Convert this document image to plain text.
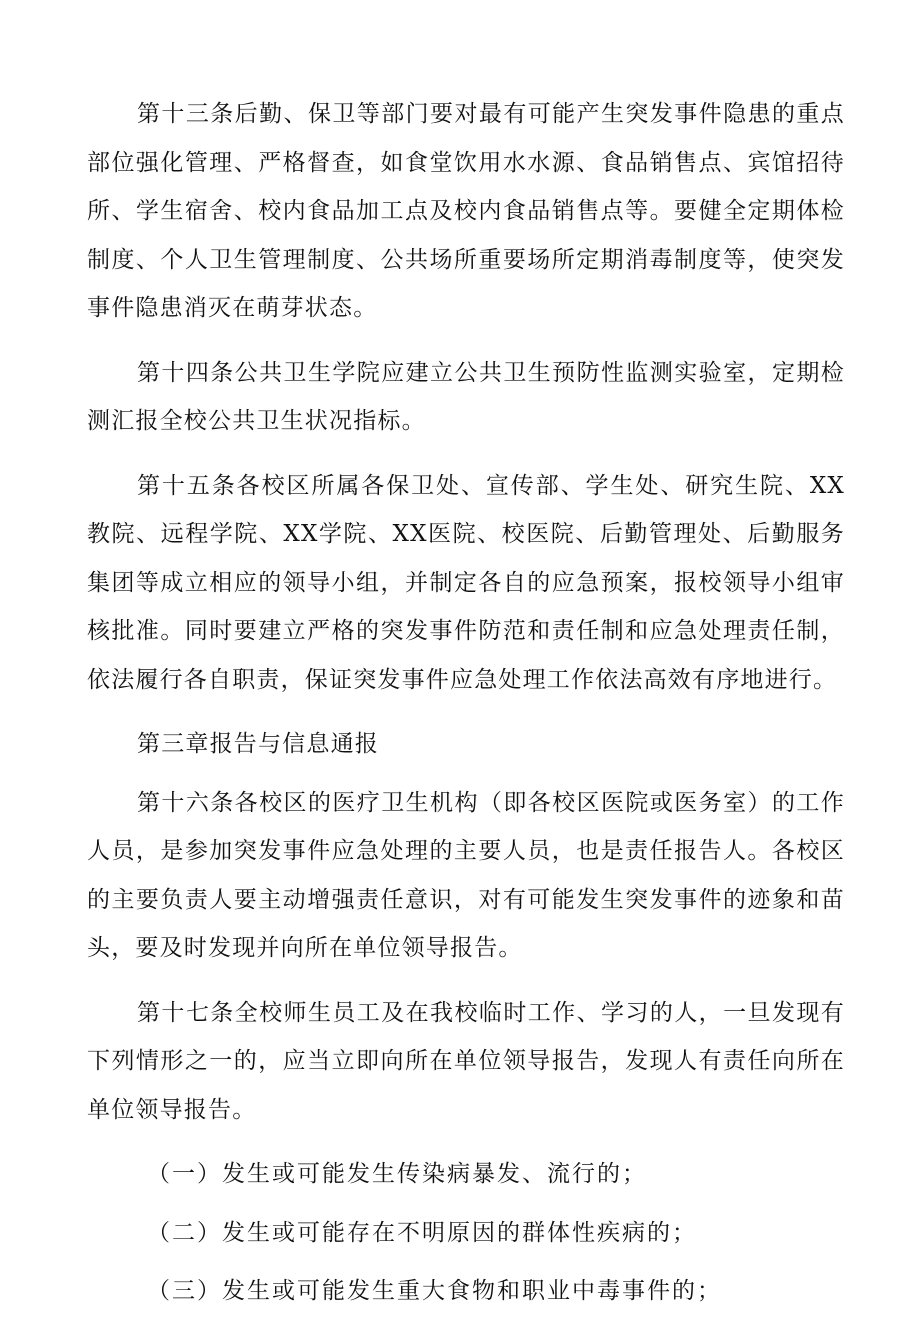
第十三条后勤、保卫等部门要对最有可能产生突发事件隐患的重点部位强化管理、严格督查，如食堂饮用水水源、食品销售点、宾馆招待所、学生宿舍、校内食品加工点及校内食品销售点等。要健全定期体检制度、个人卫生管理制度、公共场所重要场所定期消毒制度等，使突发事件隐患消灭在萌芽状态。

第十四条公共卫生学院应建立公共卫生预防性监测实验室，定期检测汇报全校公共卫生状况指标。

第十五条各校区所属各保卫处、宣传部、学生处、研究生院、XX教院、远程学院、XX学院、XX医院、校医院、后勤管理处、后勤服务集团等成立相应的领导小组，并制定各自的应急预案，报校领导小组审核批准。同时要建立严格的突发事件防范和责任制和应急处理责任制，依法履行各自职责，保证突发事件应急处理工作依法高效有序地进行。

第三章报告与信息通报

第十六条各校区的医疗卫生机构（即各校区医院或医务室）的工作人员，是参加突发事件应急处理的主要人员，也是责任报告人。各校区的主要负责人要主动增强责任意识，对有可能发生突发事件的迹象和苗头，要及时发现并向所在单位领导报告。

第十七条全校师生员工及在我校临时工作、学习的人，一旦发现有下列情形之一的，应当立即向所在单位领导报告，发现人有责任向所在单位领导报告。

（一）发生或可能发生传染病暴发、流行的；

（二）发生或可能存在不明原因的群体性疾病的；

（三）发生或可能发生重大食物和职业中毒事件的；
